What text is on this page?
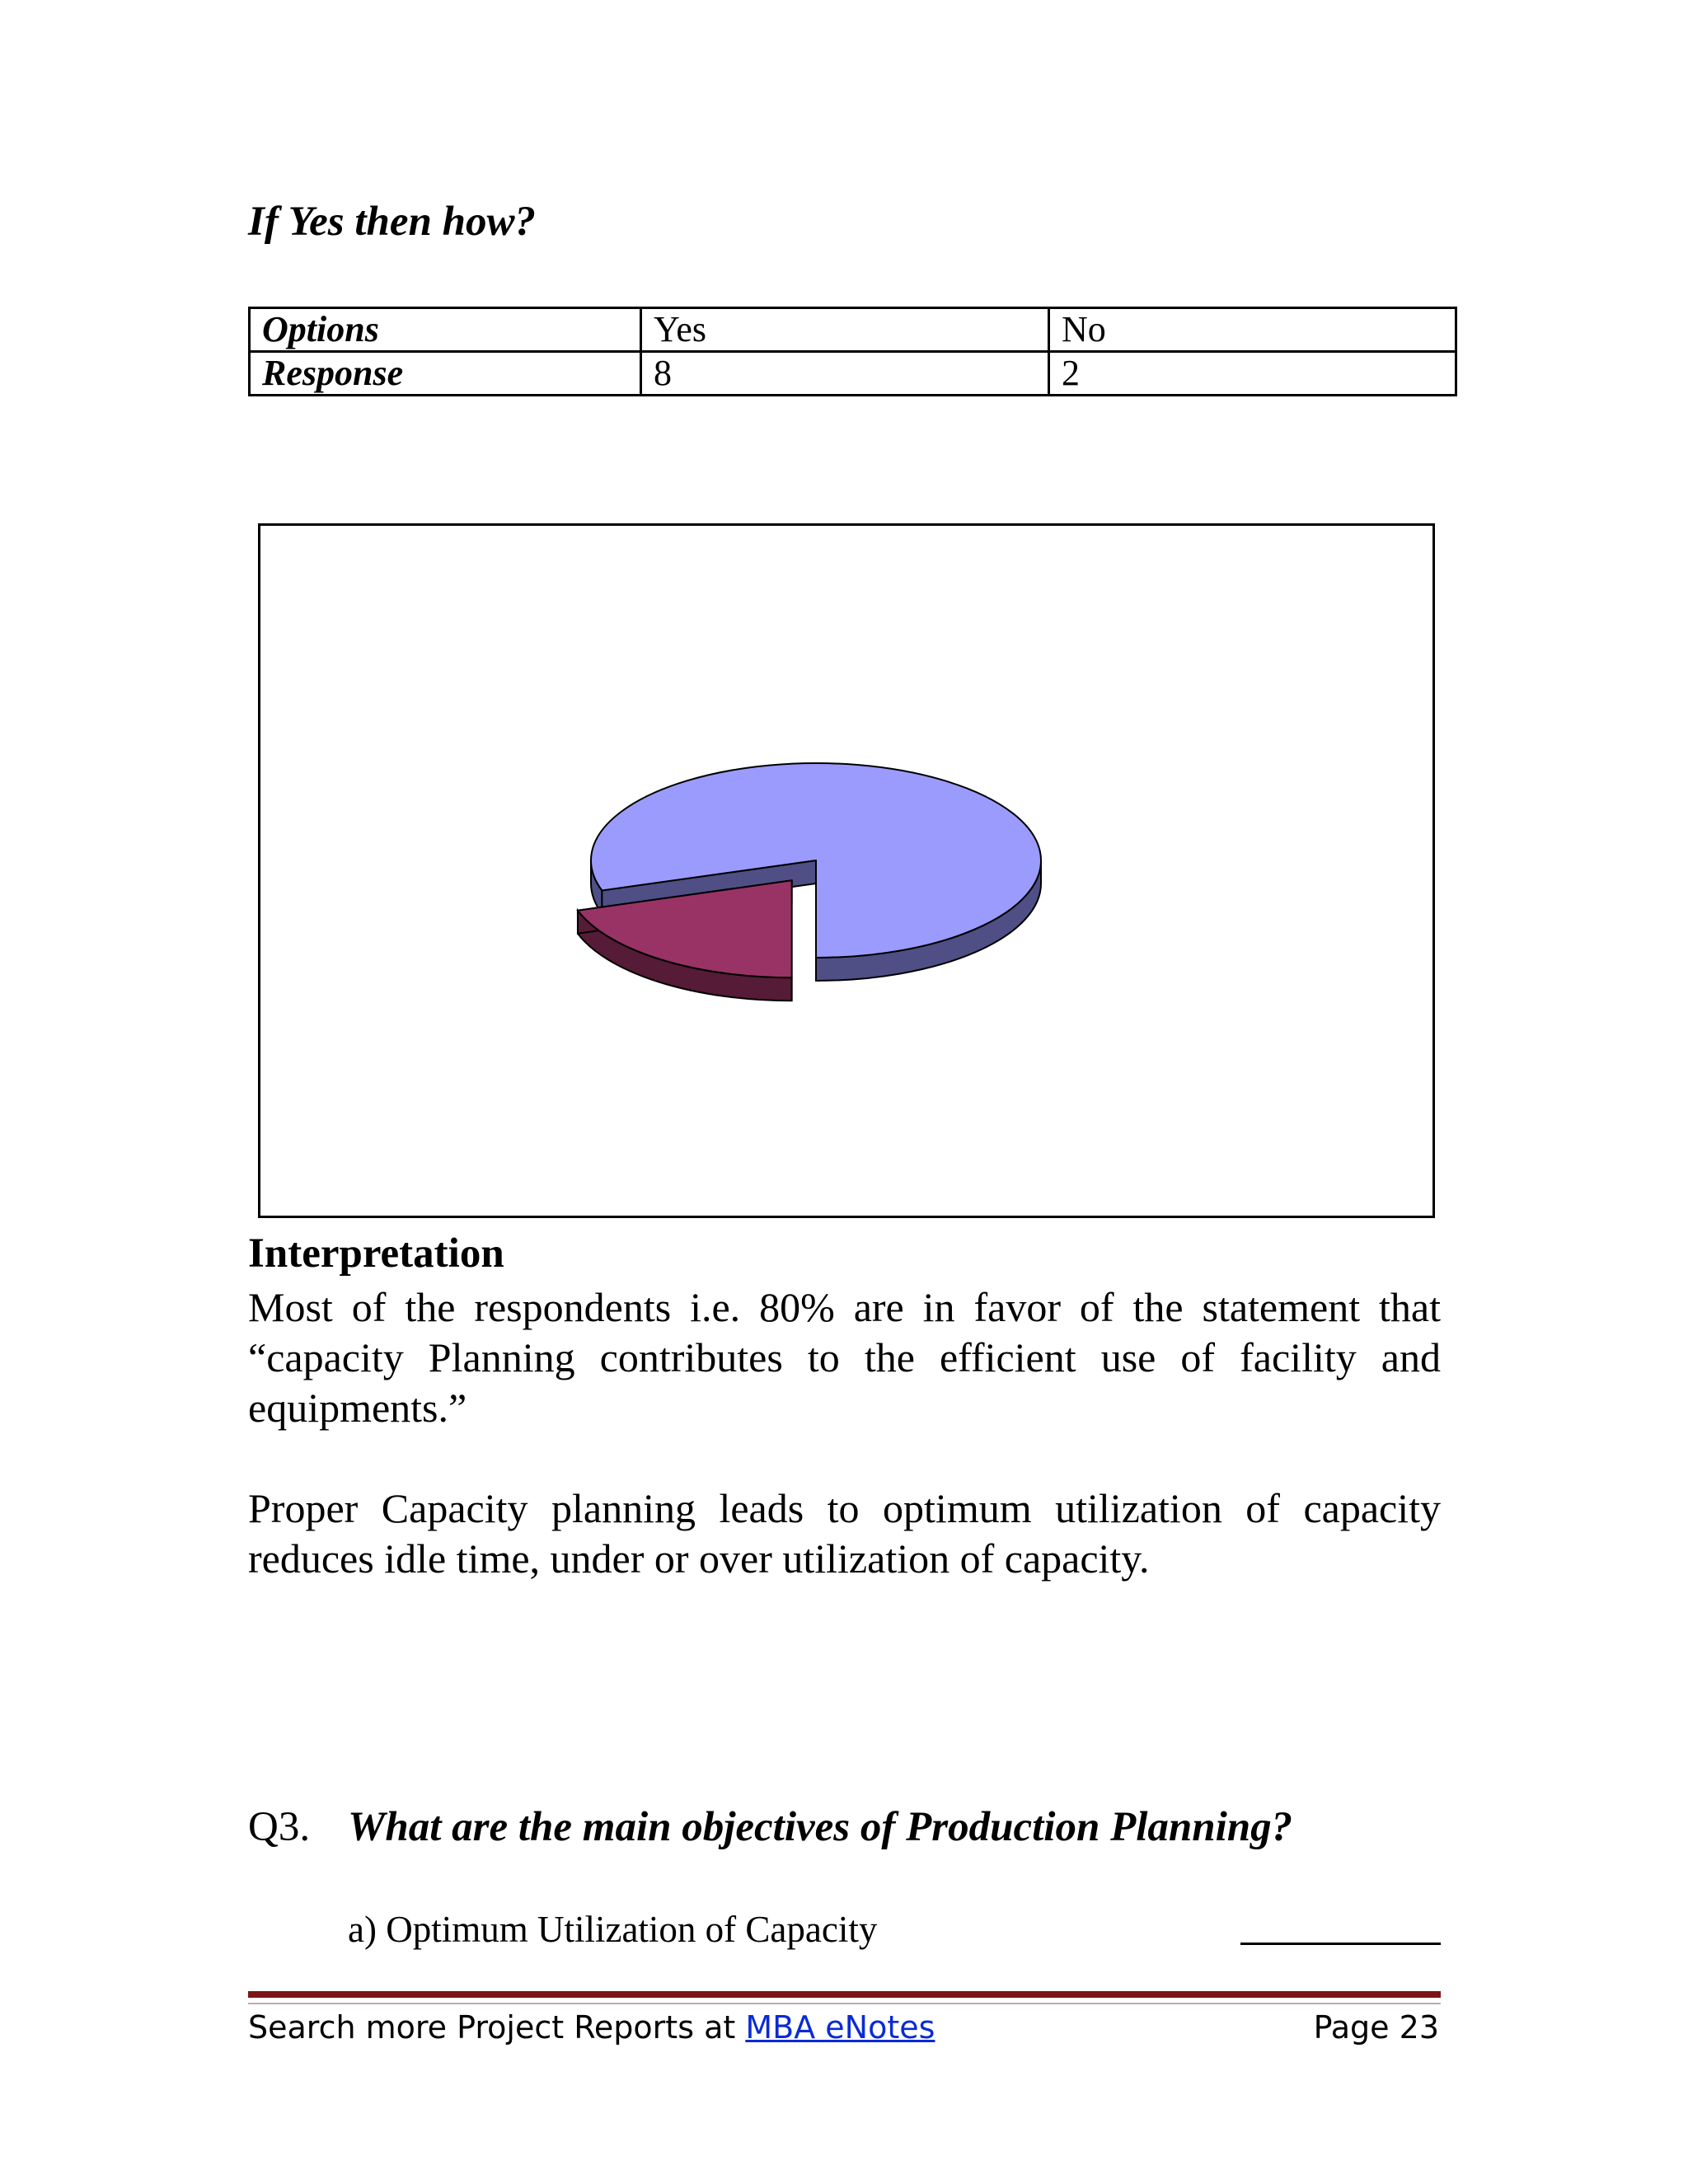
If Yes then how?
Options	Yes	No
Response	8	2
Interpretation
Most of the respondents i.e. 80% are in favor of the statement that “capacity Planning contributes to the efficient use of facility and equipments.”
Proper Capacity planning leads to optimum utilization of capacity reduces idle time, under or over utilization of capacity.
Q3. What are the main objectives of Production Planning?
a) Optimum Utilization of Capacity
Search more Project Reports at MBA eNotes	Page 23
